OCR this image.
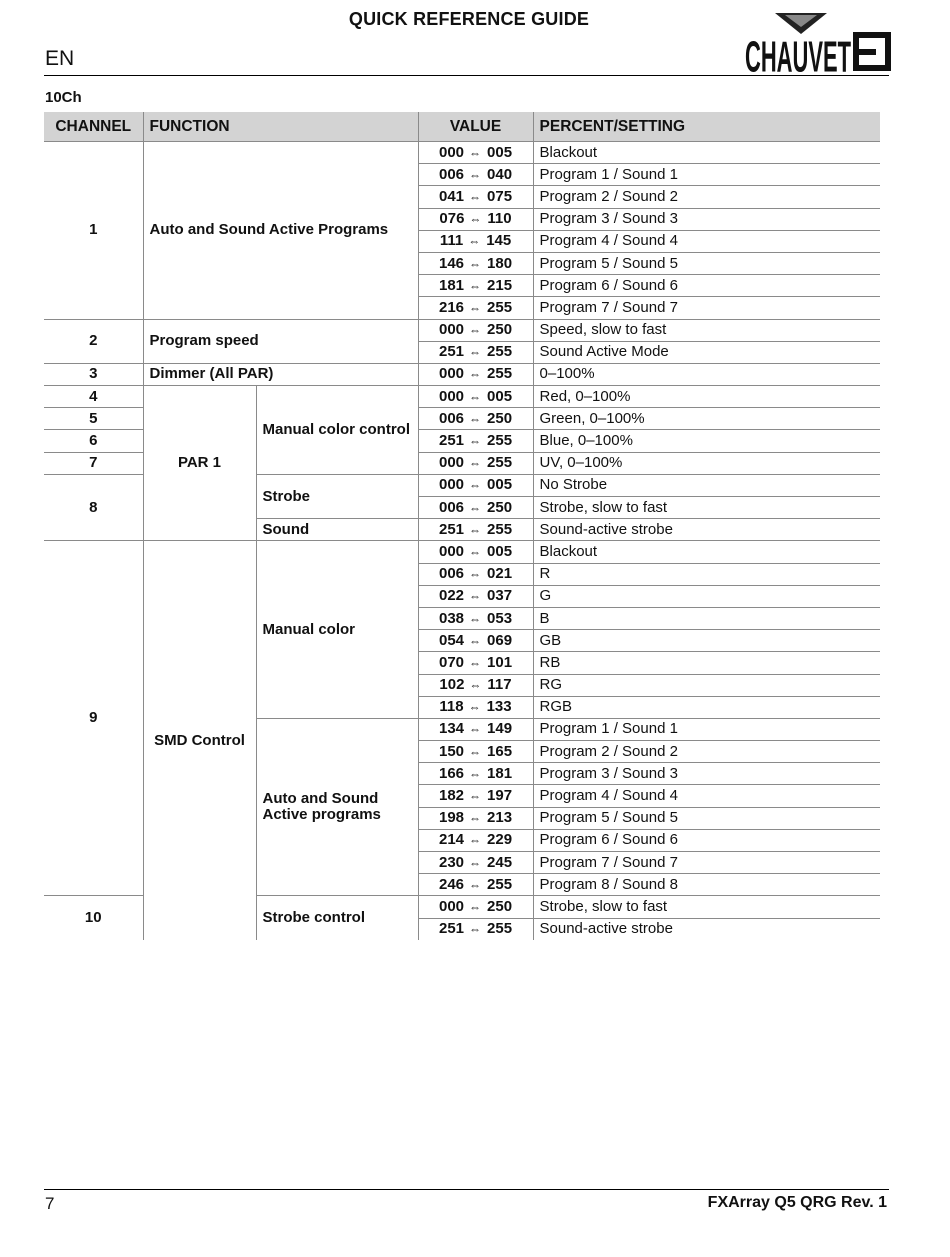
QUICK REFERENCE GUIDE
EN	CHAUVET
10Ch
CHANNEL	FUNCTION		VALUE	PERCENT/SETTING
1	Auto and Sound Active Programs		000 ⇔ 005	Blackout
			006 ⇔ 040	Program 1 / Sound 1
			041 ⇔ 075	Program 2 / Sound 2
			076 ⇔ 110	Program 3 / Sound 3
			111 ⇔ 145	Program 4 / Sound 4
			146 ⇔ 180	Program 5 / Sound 5
			181 ⇔ 215	Program 6 / Sound 6
			216 ⇔ 255	Program 7 / Sound 7
2	Program speed		000 ⇔ 250	Speed, slow to fast
			251 ⇔ 255	Sound Active Mode
3	Dimmer (All PAR)		000 ⇔ 255	0–100%
4	PAR 1	Manual color control	000 ⇔ 005	Red, 0–100%
5			006 ⇔ 250	Green, 0–100%
6			251 ⇔ 255	Blue, 0–100%
7			000 ⇔ 255	UV, 0–100%
8		Strobe	000 ⇔ 005	No Strobe
			006 ⇔ 250	Strobe, slow to fast
		Sound	251 ⇔ 255	Sound-active strobe
9	SMD Control	Manual color	000 ⇔ 005	Blackout
			006 ⇔ 021	R
			022 ⇔ 037	G
			038 ⇔ 053	B
			054 ⇔ 069	GB
			070 ⇔ 101	RB
			102 ⇔ 117	RG
			118 ⇔ 133	RGB
		Auto and Sound Active programs	134 ⇔ 149	Program 1 / Sound 1
			150 ⇔ 165	Program 2 / Sound 2
			166 ⇔ 181	Program 3 / Sound 3
			182 ⇔ 197	Program 4 / Sound 4
			198 ⇔ 213	Program 5 / Sound 5
			214 ⇔ 229	Program 6 / Sound 6
			230 ⇔ 245	Program 7 / Sound 7
			246 ⇔ 255	Program 8 / Sound 8
10		Strobe control	000 ⇔ 250	Strobe, slow to fast
			251 ⇔ 255	Sound-active strobe
7	FXArray Q5 QRG Rev. 1
